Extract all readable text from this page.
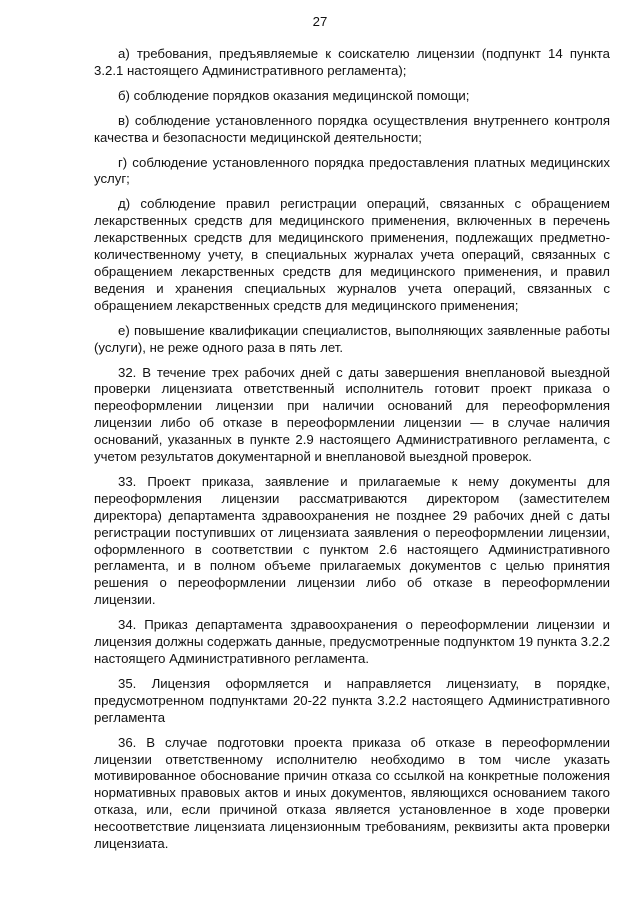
27

а) требования, предъявляемые к соискателю лицензии (подпункт 14 пункта 3.2.1 настоящего Административного регламента);

б) соблюдение порядков оказания медицинской помощи;

в) соблюдение установленного порядка осуществления внутреннего контроля качества и безопасности медицинской деятельности;

г) соблюдение установленного порядка предоставления платных медицинских услуг;

д) соблюдение правил регистрации операций, связанных с обращением лекарственных средств для медицинского применения, включенных в перечень лекарственных средств для медицинского применения, подлежащих предметно-количественному учету, в специальных журналах учета операций, связанных с обращением лекарственных средств для медицинского применения, и правил ведения и хранения специальных журналов учета операций, связанных с обращением лекарственных средств для медицинского применения;

е) повышение квалификации специалистов, выполняющих заявленные работы (услуги), не реже одного раза в пять лет.

32. В течение трех рабочих дней с даты завершения внеплановой выездной проверки лицензиата ответственный исполнитель готовит проект приказа о переоформлении лицензии при наличии оснований для переоформления лицензии либо об отказе в переоформлении лицензии — в случае наличия оснований, указанных в пункте 2.9 настоящего Административного регламента, с учетом результатов документарной и внеплановой выездной проверок.

33. Проект приказа, заявление и прилагаемые к нему документы для переоформления лицензии рассматриваются директором (заместителем директора) департамента здравоохранения не позднее 29 рабочих дней с даты регистрации поступивших от лицензиата заявления о переоформлении лицензии, оформленного в соответствии с пунктом 2.6 настоящего Административного регламента, и в полном объеме прилагаемых документов с целью принятия решения о переоформлении лицензии либо об отказе в переоформлении лицензии.

34. Приказ департамента здравоохранения о переоформлении лицензии и лицензия должны содержать данные, предусмотренные подпунктом 19 пункта 3.2.2 настоящего Административного регламента.

35. Лицензия оформляется и направляется лицензиату, в порядке, предусмотренном подпунктами 20-22 пункта 3.2.2 настоящего Административного регламента

36. В случае подготовки проекта приказа об отказе в переоформлении лицензии ответственному исполнителю необходимо в том числе указать мотивированное обоснование причин отказа со ссылкой на конкретные положения нормативных правовых актов и иных документов, являющихся основанием такого отказа, или, если причиной отказа является установленное в ходе проверки несоответствие лицензиата лицензионным требованиям, реквизиты акта проверки лицензиата.
